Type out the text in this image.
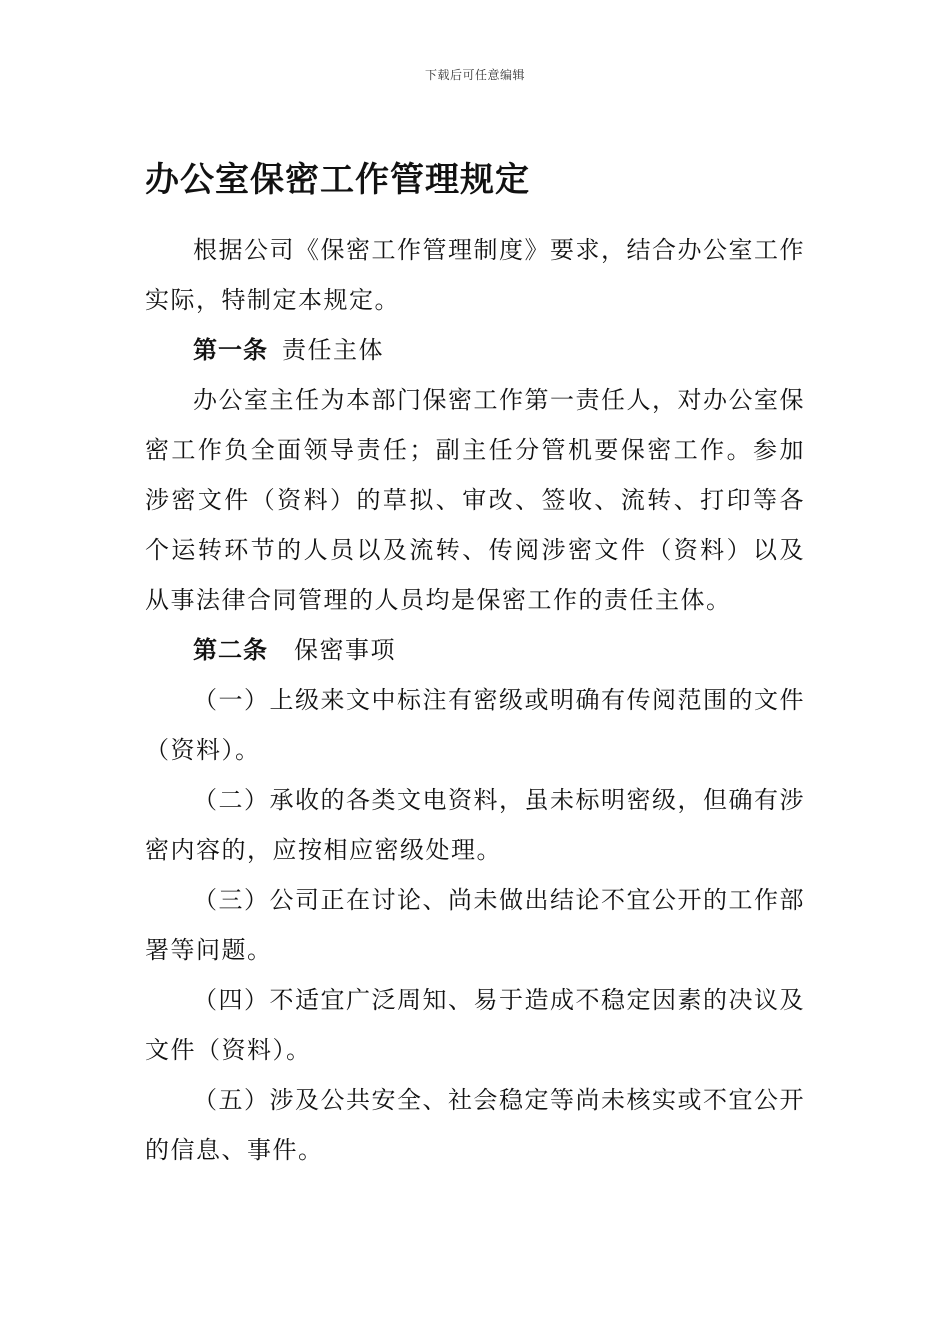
下载后可任意编辑
办公室保密工作管理规定

根据公司《保密工作管理制度》要求，结合办公室工作实际，特制定本规定。

第一条 责任主体

办公室主任为本部门保密工作第一责任人，对办公室保密工作负全面领导责任；副主任分管机要保密工作。参加涉密文件（资料）的草拟、审改、签收、流转、打印等各个运转环节的人员以及流转、传阅涉密文件（资料）以及从事法律合同管理的人员均是保密工作的责任主体。

第二条 保密事项

（一）上级来文中标注有密级或明确有传阅范围的文件（资料）。

（二）承收的各类文电资料，虽未标明密级，但确有涉密内容的，应按相应密级处理。

（三）公司正在讨论、尚未做出结论不宜公开的工作部署等问题。

（四）不适宜广泛周知、易于造成不稳定因素的决议及文件（资料）。

（五）涉及公共安全、社会稳定等尚未核实或不宜公开的信息、事件。
